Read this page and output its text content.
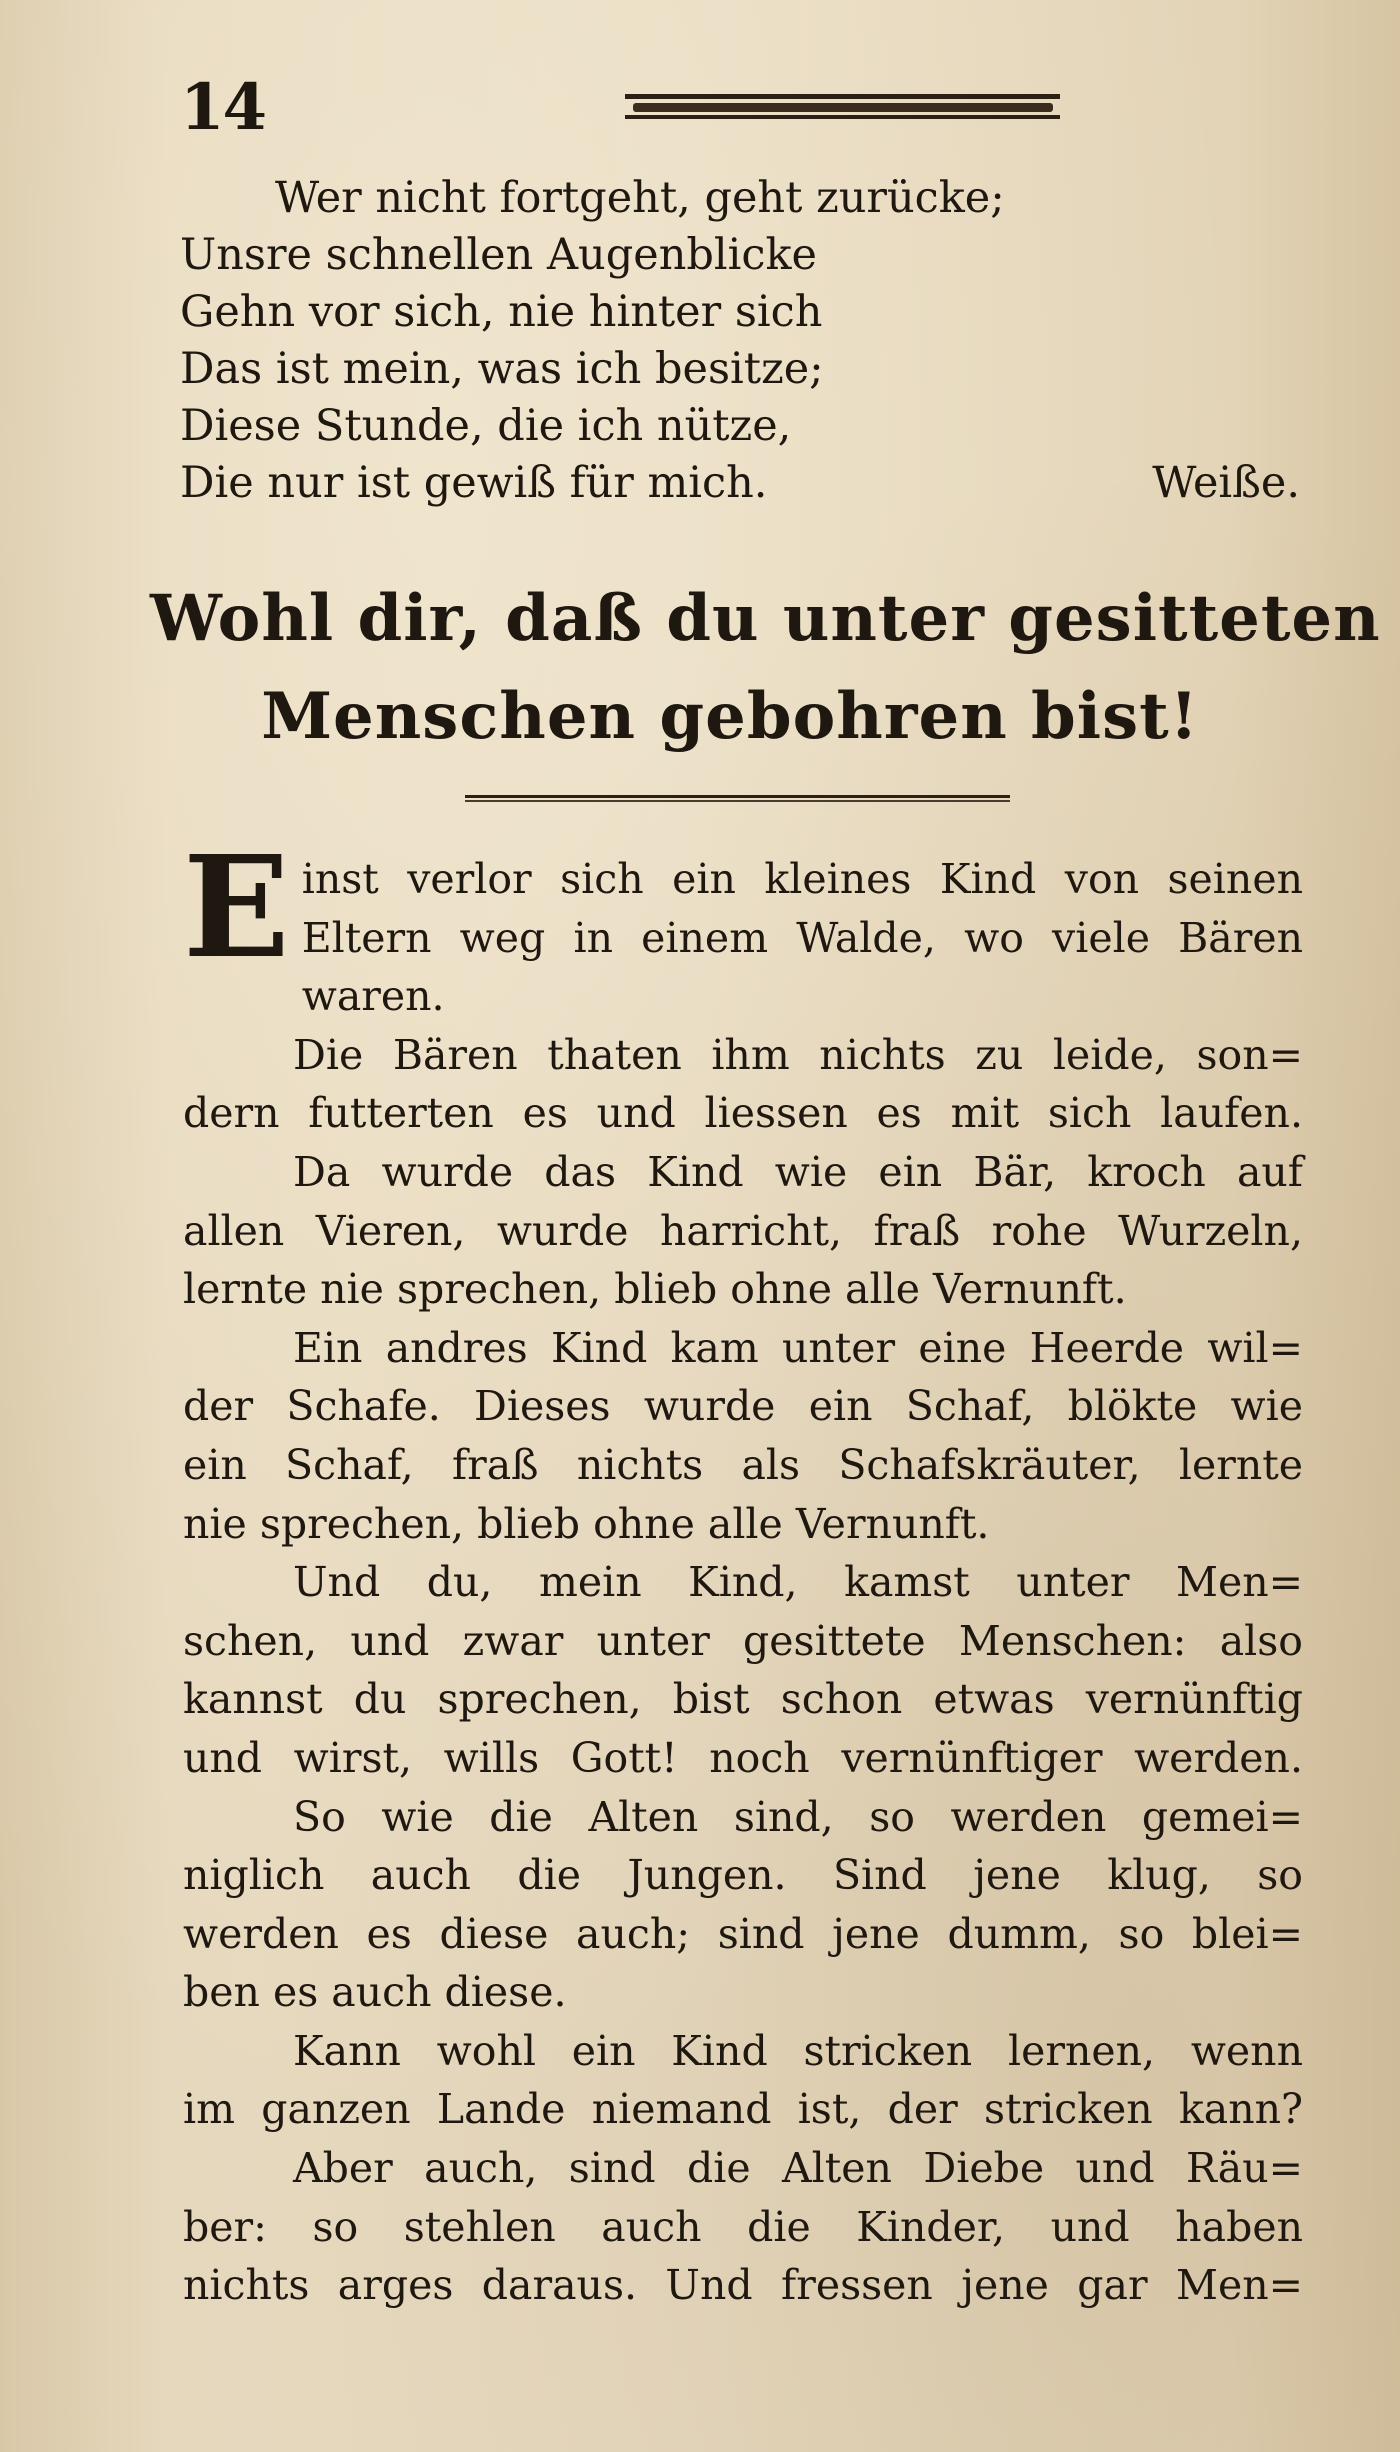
14
Wer nicht fortgeht, geht zurücke;
Unsre schnellen Augenblicke
Gehn vor sich, nie hinter sich
Das ist mein, was ich besitze;
Diese Stunde, die ich nütze,
Die nur ist gewiß für mich.	Weiße.
Wohl dir, daß du unter gesitteten
Menschen gebohren bist!
E inst verlor sich ein kleines Kind von seinen
Eltern weg in einem Walde, wo viele Bären
waren.
Die Bären thaten ihm nichts zu leide, son=
dern futterten es und liessen es mit sich laufen.
Da wurde das Kind wie ein Bär, kroch auf
allen Vieren, wurde harricht, fraß rohe Wurzeln,
lernte nie sprechen, blieb ohne alle Vernunft.
Ein andres Kind kam unter eine Heerde wil=
der Schafe. Dieses wurde ein Schaf, blökte wie
ein Schaf, fraß nichts als Schafskräuter, lernte
nie sprechen, blieb ohne alle Vernunft.
Und du, mein Kind, kamst unter Men=
schen, und zwar unter gesittete Menschen: also
kannst du sprechen, bist schon etwas vernünftig
und wirst, wills Gott! noch vernünftiger werden.
So wie die Alten sind, so werden gemei=
niglich auch die Jungen. Sind jene klug, so
werden es diese auch; sind jene dumm, so blei=
ben es auch diese.
Kann wohl ein Kind stricken lernen, wenn
im ganzen Lande niemand ist, der stricken kann?
Aber auch, sind die Alten Diebe und Räu=
ber: so stehlen auch die Kinder, und haben
nichts arges daraus. Und fressen jene gar Men=
